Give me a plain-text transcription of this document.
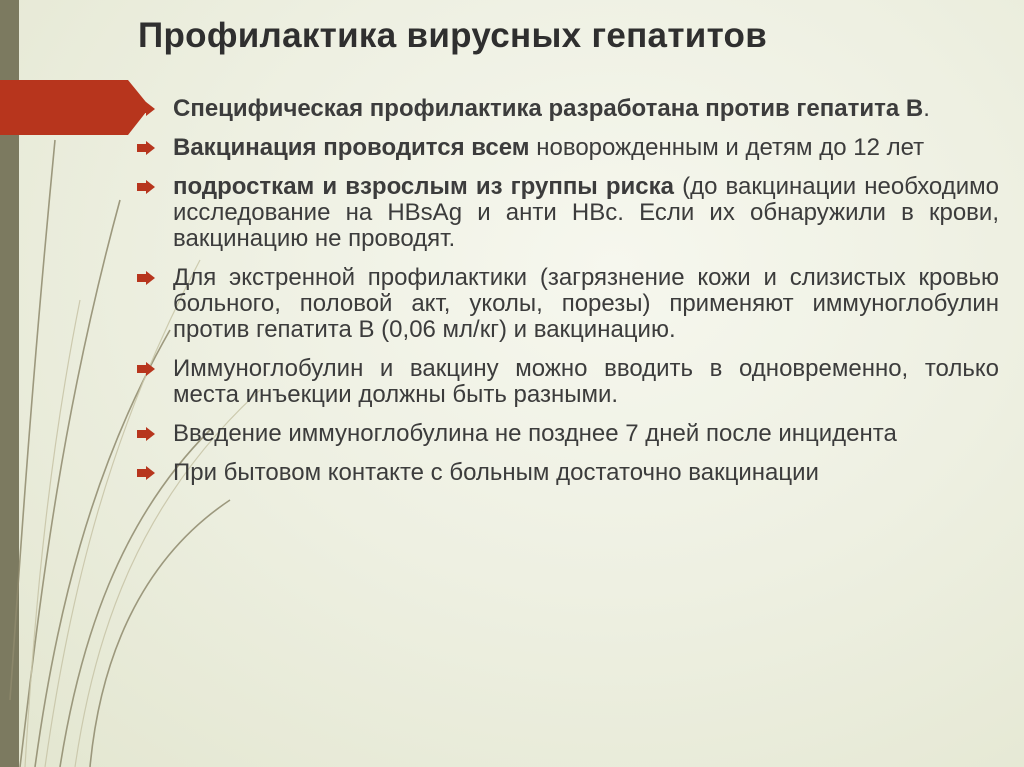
Профилактика вирусных гепатитов
Специфическая профилактика разработана против гепатита В.
Вакцинация проводится всем новорожденным и детям до 12 лет
подросткам и взрослым из группы риска (до вакцинации необходимо исследование на HBsAg и анти HBc. Если их обнаружили в крови, вакцинацию не проводят.
Для экстренной профилактики (загрязнение кожи и слизистых кровью больного, половой акт, уколы, порезы) применяют иммуноглобулин против гепатита В (0,06 мл/кг) и вакцинацию.
Иммуноглобулин и вакцину можно вводить в одновременно, только места инъекции должны быть разными.
Введение иммуноглобулина не позднее 7 дней после инцидента
При бытовом контакте с больным достаточно вакцинации
